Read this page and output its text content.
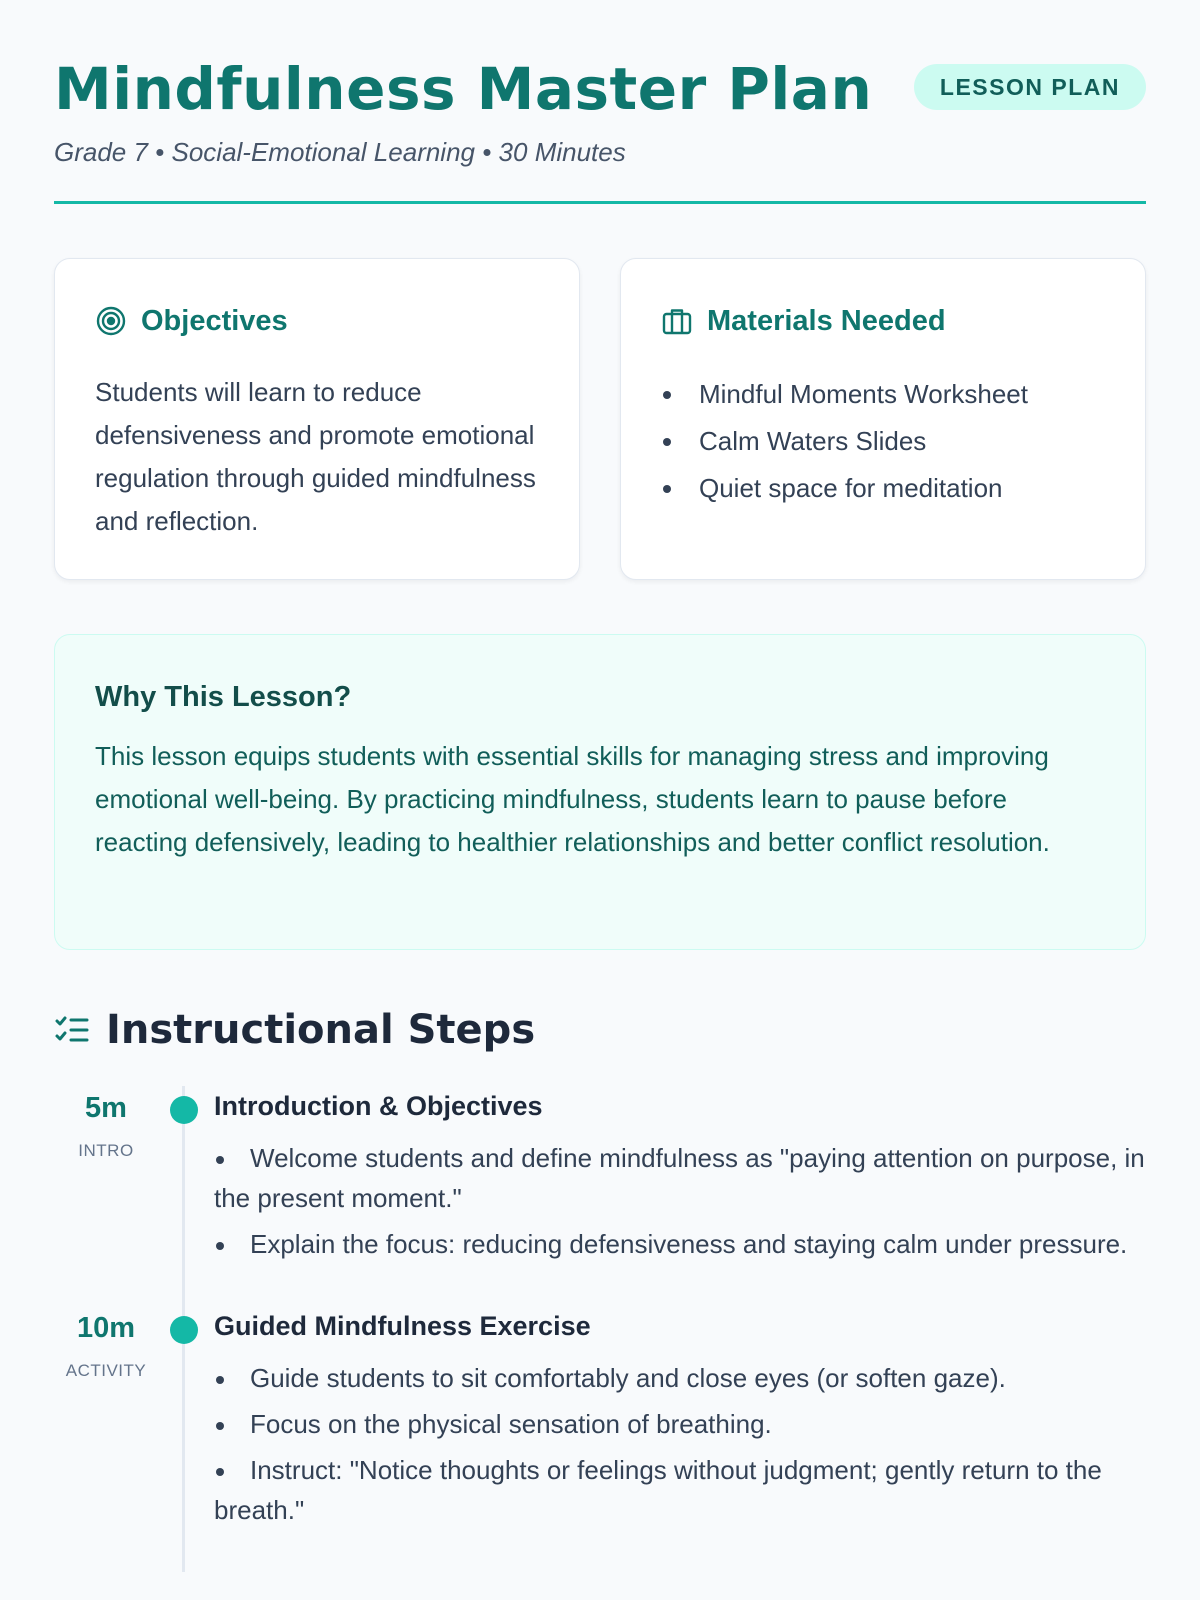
Mindfulness Master Plan	LESSON PLAN

Grade 7 • Social-Emotional Learning • 30 Minutes

Objectives

Students will learn to reduce defensiveness and promote emotional regulation through guided mindfulness and reflection.

Materials Needed
Mindful Moments Worksheet
Calm Waters Slides
Quiet space for meditation
Why This Lesson?

This lesson equips students with essential skills for managing stress and improving emotional well-being. By practicing mindfulness, students learn to pause before reacting defensively, leading to healthier relationships and better conflict resolution.

Instructional Steps
5m
INTRO
Introduction & Objectives
Welcome students and define mindfulness as "paying attention on purpose, in the present moment."
Explain the focus: reducing defensiveness and staying calm under pressure.
10m
ACTIVITY
Guided Mindfulness Exercise
Guide students to sit comfortably and close eyes (or soften gaze).
Focus on the physical sensation of breathing.
Instruct: "Notice thoughts or feelings without judgment; gently return to the breath."
